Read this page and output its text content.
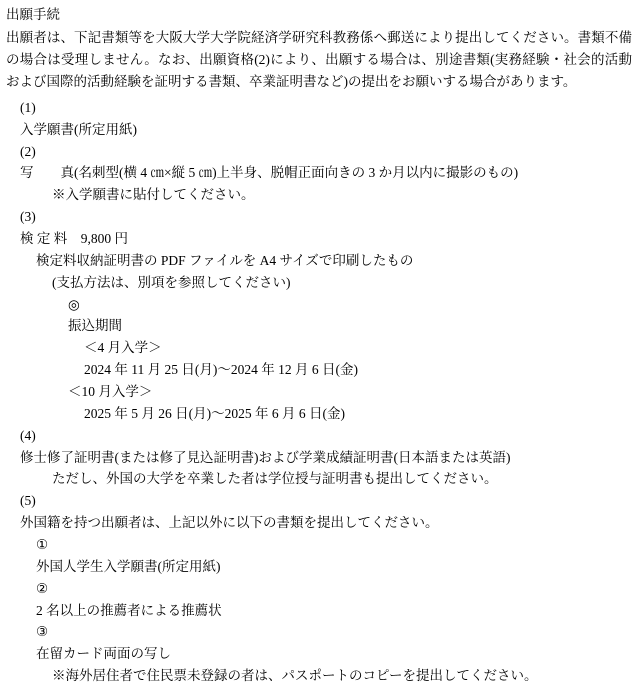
出願手続
出願者は、下記書類等を大阪大学大学院経済学研究科教務係へ郵送により提出してください。書類不備の場合は受理しません。なお、出願資格(2)により、出願する場合は、別途書類(実務経験・社会的活動および国際的活動経験を証明する書類、卒業証明書など)の提出をお願いする場合があります。
(1)
入学願書(所定用紙)
(2)
写　　真(名刺型(横 4 ㎝×縦 5 ㎝)上半身、脱帽正面向きの 3 か月以内に撮影のもの)
※入学願書に貼付してください。
(3)
検 定 料　9,800 円
検定料収納証明書の PDF ファイルを A4 サイズで印刷したもの
(支払方法は、別項を参照してください)
◎
振込期間
＜4 月入学＞
2024 年 11 月 25 日(月)〜2024 年 12 月 6 日(金)
＜10 月入学＞
2025 年 5 月 26 日(月)〜2025 年 6 月 6 日(金)
(4)
修士修了証明書(または修了見込証明書)および学業成績証明書(日本語または英語)
ただし、外国の大学を卒業した者は学位授与証明書も提出してください。
(5)
外国籍を持つ出願者は、上記以外に以下の書類を提出してください。
①
外国人学生入学願書(所定用紙)
②
2 名以上の推薦者による推薦状
③
在留カード両面の写し
※海外居住者で住民票未登録の者は、パスポートのコピーを提出してください。
